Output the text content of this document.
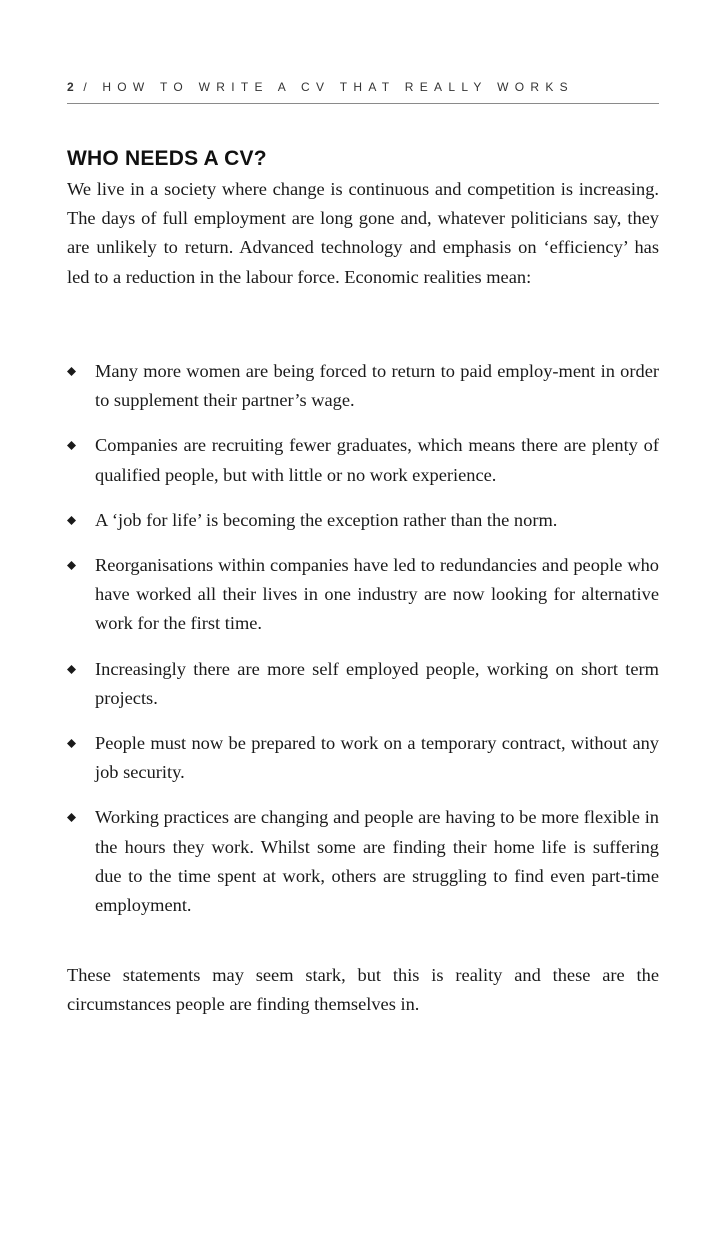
2 / HOW TO WRITE A CV THAT REALLY WORKS
WHO NEEDS A CV?

We live in a society where change is continuous and competition is increasing. The days of full employment are long gone and, whatever politicians say, they are unlikely to return. Advanced technology and emphasis on ‘efficiency’ has led to a reduction in the labour force. Economic realities mean:

Many more women are being forced to return to paid employ-ment in order to supplement their partner’s wage.
Companies are recruiting fewer graduates, which means there are plenty of qualified people, but with little or no work experience.
A ‘job for life’ is becoming the exception rather than the norm.
Reorganisations within companies have led to redundancies and people who have worked all their lives in one industry are now looking for alternative work for the first time.
Increasingly there are more self employed people, working on short term projects.
People must now be prepared to work on a temporary contract, without any job security.
Working practices are changing and people are having to be more flexible in the hours they work. Whilst some are finding their home life is suffering due to the time spent at work, others are struggling to find even part-time employment.

These statements may seem stark, but this is reality and these are the circumstances people are finding themselves in.
